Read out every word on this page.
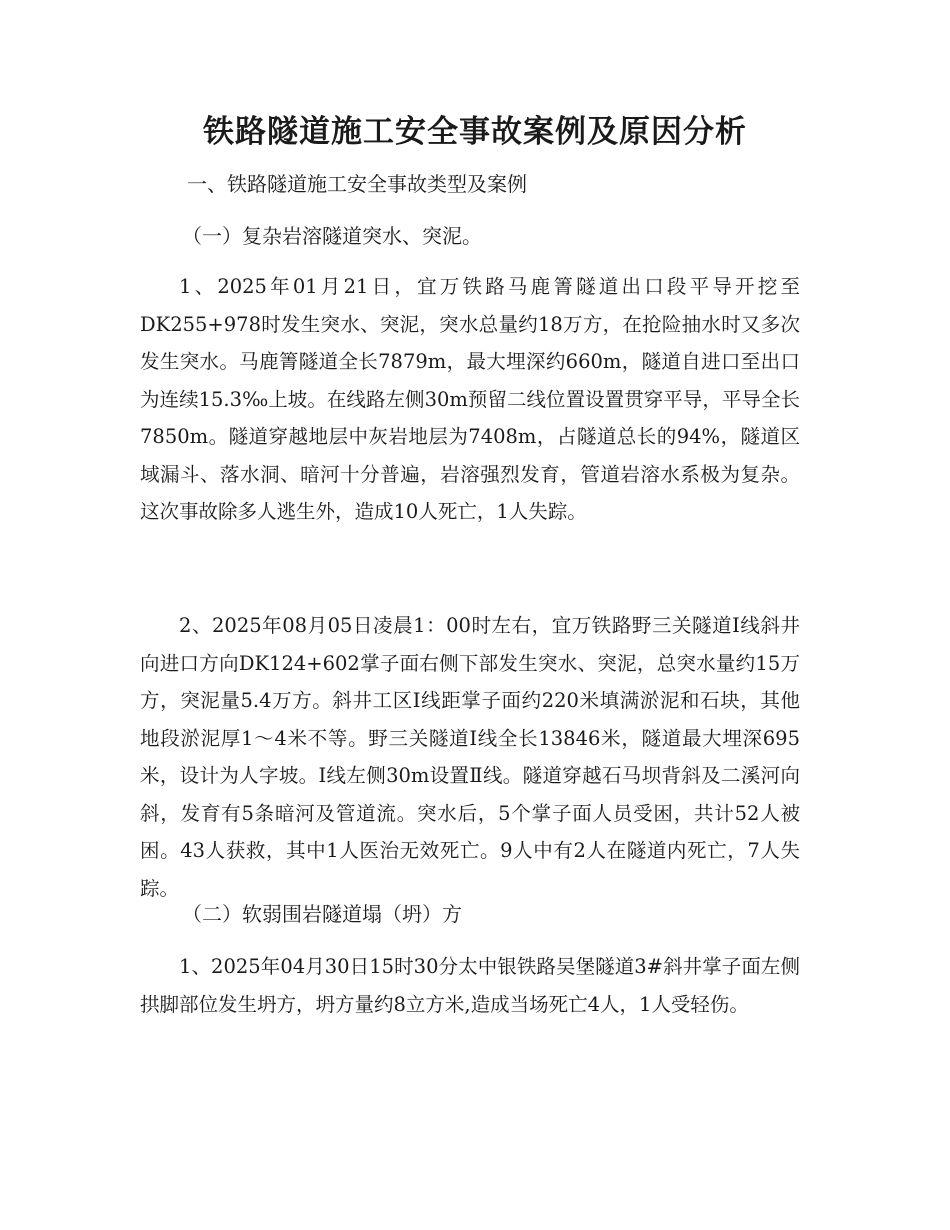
铁路隧道施工安全事故案例及原因分析
一、铁路隧道施工安全事故类型及案例
（一）复杂岩溶隧道突水、突泥。

1、2025年01月21日，宜万铁路马鹿箐隧道出口段平导开挖至DK255+978时发生突水、突泥，突水总量约18万方，在抢险抽水时又多次发生突水。马鹿箐隧道全长7879m，最大埋深约660m，隧道自进口至出口为连续15.3‰上坡。在线路左侧30m预留二线位置设置贯穿平导，平导全长7850m。隧道穿越地层中灰岩地层为7408m，占隧道总长的94%，隧道区域漏斗、落水洞、暗河十分普遍，岩溶强烈发育，管道岩溶水系极为复杂。这次事故除多人逃生外，造成10人死亡，1人失踪。

2、2025年08月05日凌晨1：00时左右，宜万铁路野三关隧道Ⅰ线斜井向进口方向DK124+602掌子面右侧下部发生突水、突泥，总突水量约15万方，突泥量5.4万方。斜井工区Ⅰ线距掌子面约220米填满淤泥和石块，其他地段淤泥厚1～4米不等。野三关隧道Ⅰ线全长13846米，隧道最大埋深695米，设计为人字坡。Ⅰ线左侧30m设置Ⅱ线。隧道穿越石马坝背斜及二溪河向斜，发育有5条暗河及管道流。突水后，5个掌子面人员受困，共计52人被困。43人获救，其中1人医治无效死亡。9人中有2人在隧道内死亡，7人失踪。

（二）软弱围岩隧道塌（坍）方

1、2025年04月30日15时30分太中银铁路吴堡隧道3#斜井掌子面左侧拱脚部位发生坍方，坍方量约8立方米,造成当场死亡4人，1人受轻伤。
